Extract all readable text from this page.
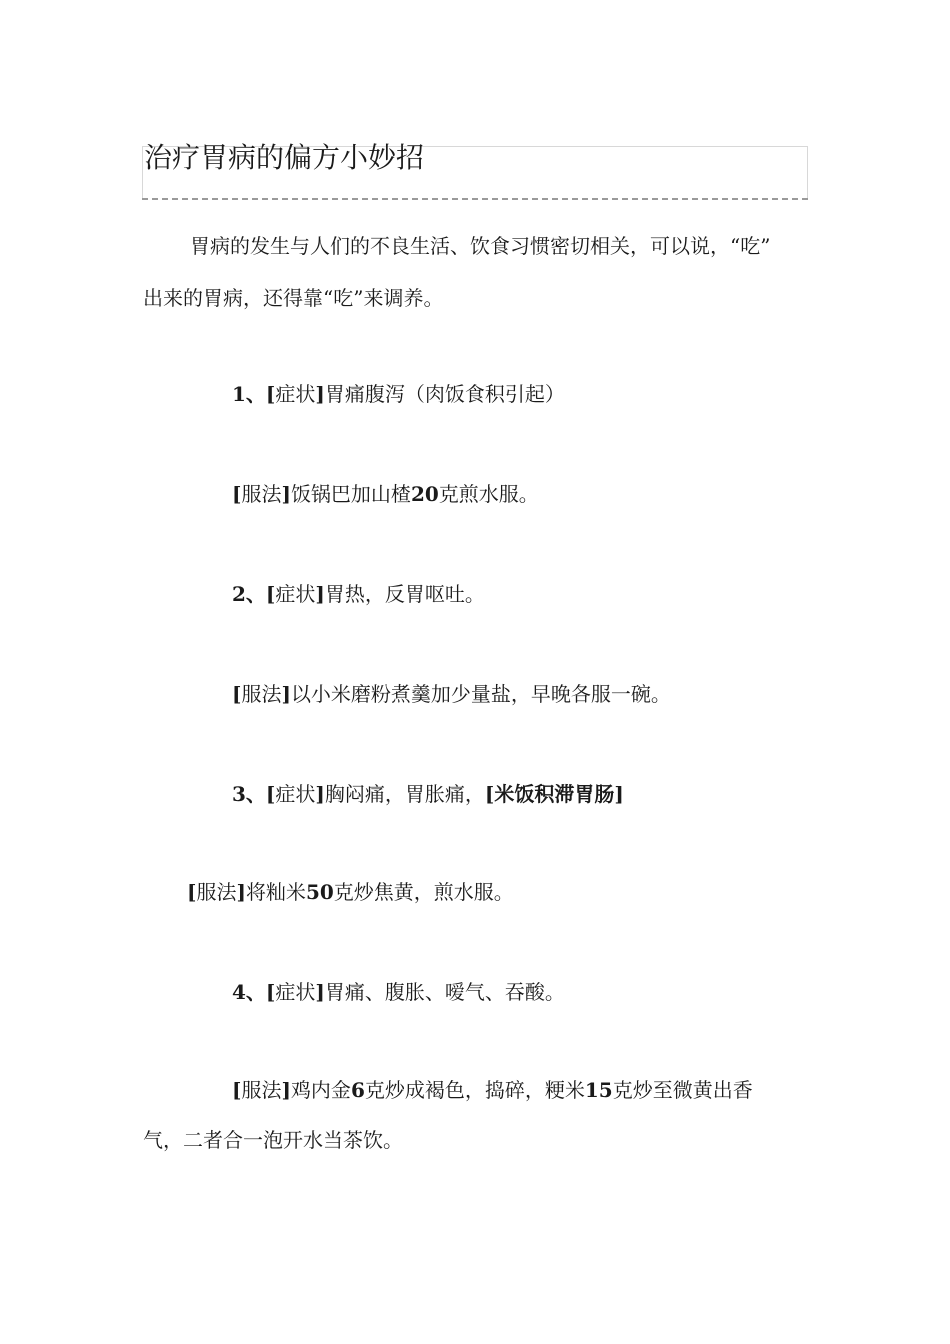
治疗胃病的偏方小妙招

胃病的发生与人们的不良生活、饮食习惯密切相关，可以说，“吃”

出来的胃病，还得靠“吃”来调养。

1、[症状]胃痛腹泻（肉饭食积引起）

[服法]饭锅巴加山楂20克煎水服。

2、[症状]胃热，反胃呕吐。

[服法]以小米磨粉煮羹加少量盐，早晚各服一碗。

3、[症状]胸闷痛，胃胀痛，[米饭积滞胃肠]

[服法]将籼米50克炒焦黄，煎水服。

4、[症状]胃痛、腹胀、嗳气、吞酸。

[服法]鸡内金6克炒成褐色，捣碎，粳米15克炒至微黄出香

气，二者合一泡开水当茶饮。
